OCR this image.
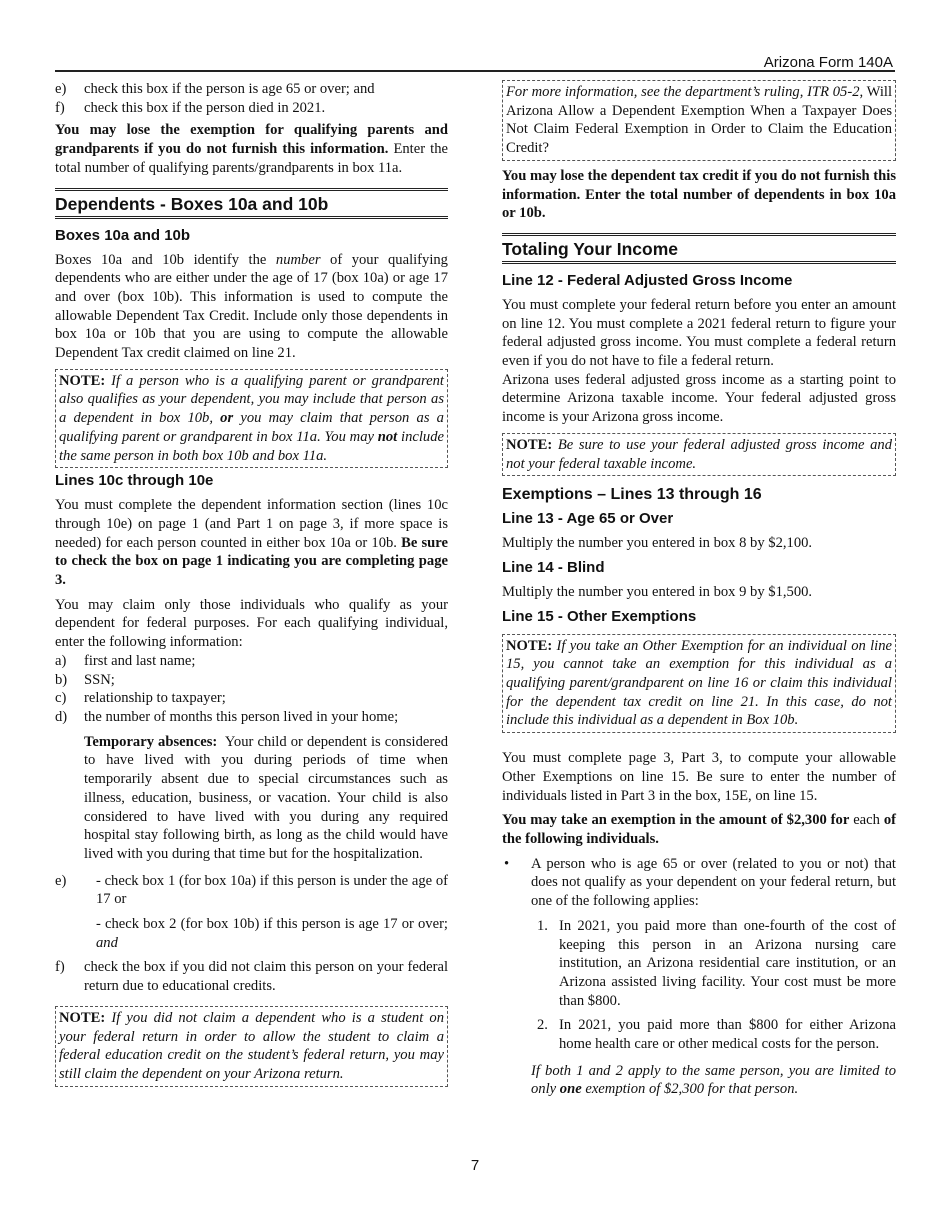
Arizona Form 140A
e) check this box if the person is age 65 or over; and
f) check this box if the person died in 2021.

You may lose the exemption for qualifying parents and grandparents if you do not furnish this information. Enter the total number of qualifying parents/grandparents in box 11a.

Dependents - Boxes 10a and 10b
Boxes 10a and 10b

Boxes 10a and 10b identify the number of your qualifying dependents who are either under the age of 17 (box 10a) or age 17 and over (box 10b). This information is used to compute the allowable Dependent Tax Credit. Include only those dependents in box 10a or 10b that you are using to compute the allowable Dependent Tax credit claimed on line 21.

NOTE: If a person who is a qualifying parent or grandparent also qualifies as your dependent, you may include that person as a dependent in box 10b, or you may claim that person as a qualifying parent or grandparent in box 11a. You may not include the same person in both box 10b and box 11a.
Lines 10c through 10e

You must complete the dependent information section (lines 10c through 10e) on page 1 (and Part 1 on page 3, if more space is needed) for each person counted in either box 10a or 10b. Be sure to check the box on page 1 indicating you are completing page 3.

You may claim only those individuals who qualify as your dependent for federal purposes. For each qualifying individual, enter the following information:

a) first and last name;
b) SSN;
c) relationship to taxpayer;
d) the number of months this person lived in your home;
Temporary absences: Your child or dependent is considered to have lived with you during periods of time when temporarily absent due to special circumstances such as illness, education, business, or vacation. Your child is also considered to have lived with you during any required hospital stay following birth, as long as the child would have lived with you during that time but for the hospitalization.
e) - check box 1 (for box 10a) if this person is under the age of 17 or
- check box 2 (for box 10b) if this person is age 17 or over; and
f) check the box if you did not claim this person on your federal return due to educational credits.
NOTE: If you did not claim a dependent who is a student on your federal return in order to allow the student to claim a federal education credit on the student’s federal return, you may still claim the dependent on your Arizona return.
For more information, see the department’s ruling, ITR 05-2, Will Arizona Allow a Dependent Exemption When a Taxpayer Does Not Claim Federal Exemption in Order to Claim the Education Credit?

You may lose the dependent tax credit if you do not furnish this information. Enter the total number of dependents in box 10a or 10b.

Totaling Your Income
Line 12 - Federal Adjusted Gross Income

You must complete your federal return before you enter an amount on line 12. You must complete a 2021 federal return to figure your federal adjusted gross income. You must complete a federal return even if you do not have to file a federal return.

Arizona uses federal adjusted gross income as a starting point to determine Arizona taxable income. Your federal adjusted gross income is your Arizona gross income.

NOTE: Be sure to use your federal adjusted gross income and not your federal taxable income.
Exemptions – Lines 13 through 16
Line 13 - Age 65 or Over

Multiply the number you entered in box 8 by $2,100.

Line 14 - Blind

Multiply the number you entered in box 9 by $1,500.

Line 15 - Other Exemptions
NOTE: If you take an Other Exemption for an individual on line 15, you cannot take an exemption for this individual as a qualifying parent/grandparent on line 16 or claim this individual for the dependent tax credit on line 21. In this case, do not include this individual as a dependent in Box 10b.

You must complete page 3, Part 3, to compute your allowable Other Exemptions on line 15. Be sure to enter the number of individuals listed in Part 3 in the box, 15E, on line 15.

You may take an exemption in the amount of $2,300 for each of the following individuals.

• A person who is age 65 or over (related to you or not) that does not qualify as your dependent on your federal return, but one of the following applies:
1. In 2021, you paid more than one-fourth of the cost of keeping this person in an Arizona nursing care institution, an Arizona residential care institution, or an Arizona assisted living facility. Your cost must be more than $800.
2. In 2021, you paid more than $800 for either Arizona home health care or other medical costs for the person.
If both 1 and 2 apply to the same person, you are limited to only one exemption of $2,300 for that person.
7
